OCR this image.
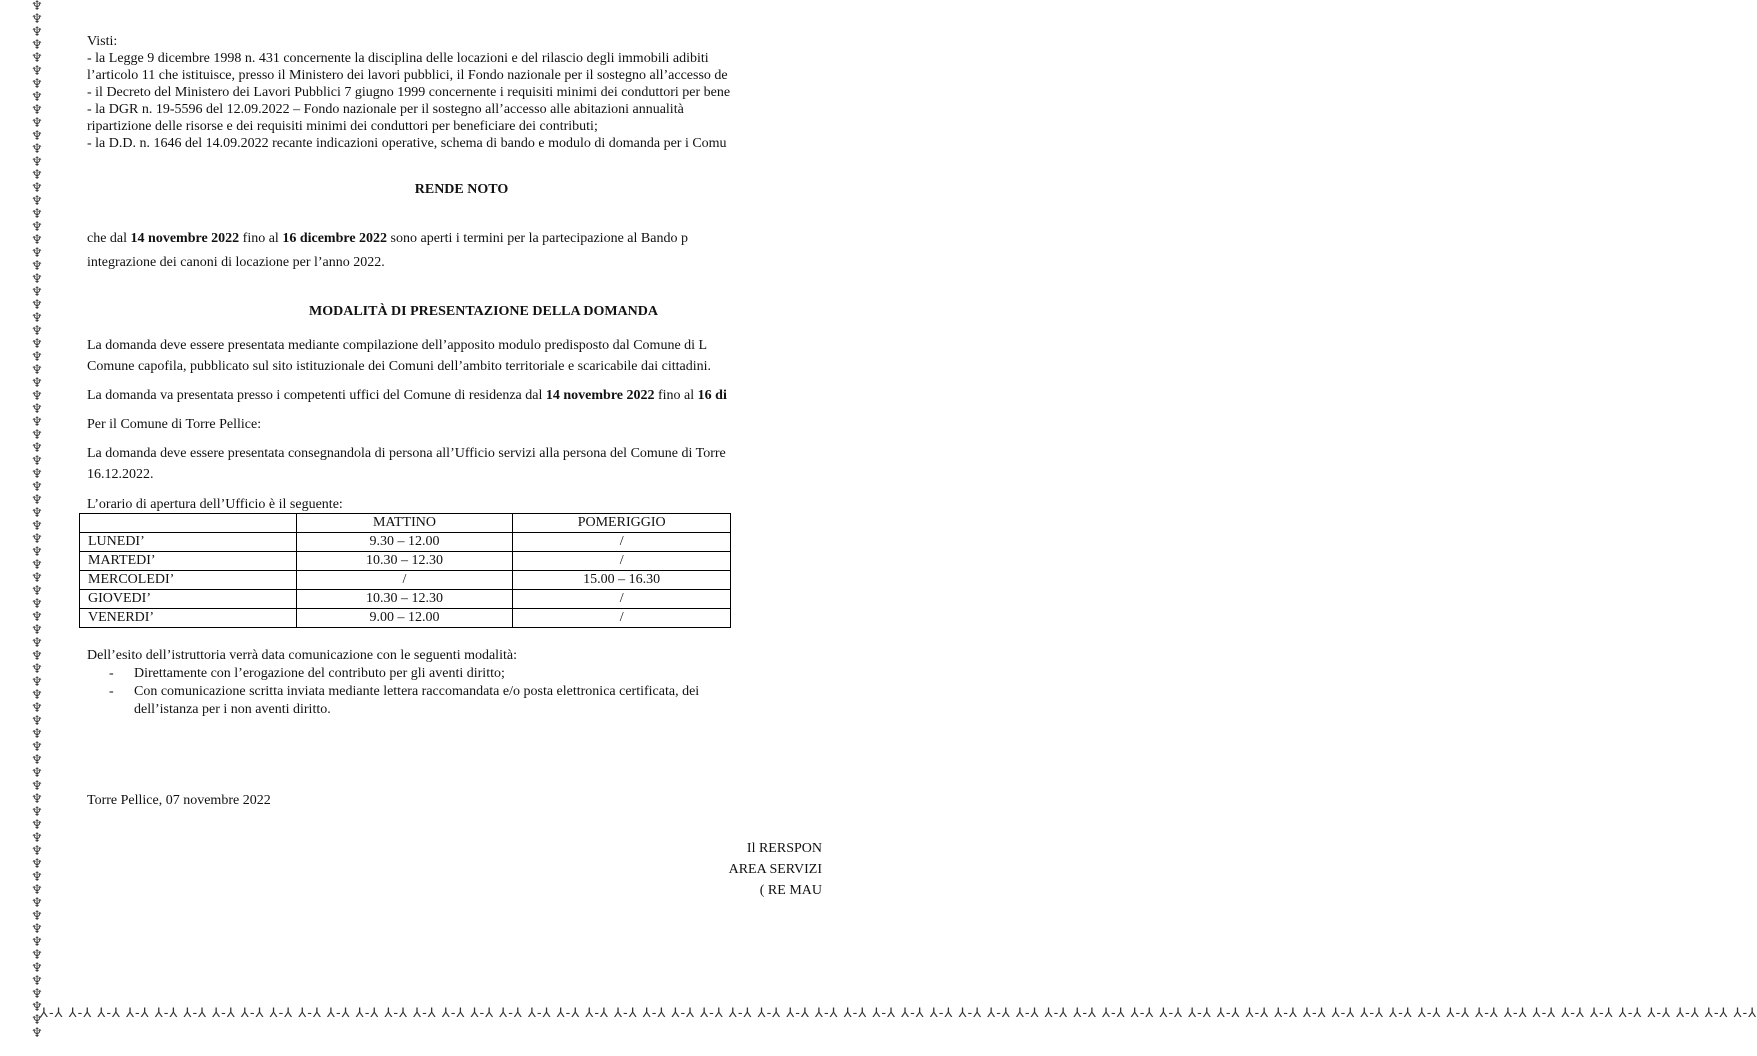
♆
♆
♆
♆
♆
♆
♆
♆
♆
♆
♆
♆
♆
♆
♆
♆
♆
♆
♆
♆
♆
♆
♆
♆
♆
♆
♆
♆
♆
♆
♆
♆
♆
♆
♆
♆
♆
♆
♆
♆
♆
♆
♆
♆
♆
♆
♆
♆
♆
♆
♆
♆
♆
♆
♆
♆
♆
♆
♆
♆
♆
♆
♆
♆
♆
♆
♆
♆
♆
♆
♆
♆
♆
♆
♆
♆
♆
♆
♆
♆
⅄-⅄ ⅄-⅄ ⅄-⅄ ⅄-⅄ ⅄-⅄ ⅄-⅄ ⅄-⅄ ⅄-⅄ ⅄-⅄ ⅄-⅄ ⅄-⅄ ⅄-⅄ ⅄-⅄ ⅄-⅄ ⅄-⅄ ⅄-⅄ ⅄-⅄ ⅄-⅄ ⅄-⅄ ⅄-⅄ ⅄-⅄ ⅄-⅄ ⅄-⅄ ⅄-⅄ ⅄-⅄ ⅄-⅄ ⅄-⅄ ⅄-⅄ ⅄-⅄ ⅄-⅄ ⅄-⅄ ⅄-⅄ ⅄-⅄ ⅄-⅄ ⅄-⅄ ⅄-⅄ ⅄-⅄ ⅄-⅄ ⅄-⅄ ⅄-⅄ ⅄-⅄ ⅄-⅄ ⅄-⅄ ⅄-⅄ ⅄-⅄ ⅄-⅄ ⅄-⅄ ⅄-⅄ ⅄-⅄ ⅄-⅄ ⅄-⅄ ⅄-⅄ ⅄-⅄ ⅄-⅄ ⅄-⅄ ⅄-⅄ ⅄-⅄ ⅄-⅄ ⅄-⅄ ⅄-⅄

Visti:

- la Legge 9 dicembre 1998 n. 431 concernente la disciplina delle locazioni e del rilascio degli immobili adibiti

l’articolo 11 che istituisce, presso il Ministero dei lavori pubblici, il Fondo nazionale per il sostegno all’accesso de

- il Decreto del Ministero dei Lavori Pubblici 7 giugno 1999 concernente i requisiti minimi dei conduttori per bene

- la DGR n. 19-5596 del 12.09.2022 – Fondo nazionale per il sostegno all’accesso alle abitazioni annualità

ripartizione delle risorse e dei requisiti minimi dei conduttori per beneficiare dei contributi;

- la D.D. n. 1646 del 14.09.2022 recante indicazioni operative, schema di bando e modulo di domanda per i Comu

RENDE NOTO

che dal 14 novembre 2022 fino al 16 dicembre 2022 sono aperti i termini per la partecipazione al Bando p

integrazione dei canoni di locazione per l’anno 2022.

MODALITÀ DI PRESENTAZIONE DELLA DOMANDA

La domanda deve essere presentata mediante compilazione dell’apposito modulo predisposto dal Comune di L

Comune capofila, pubblicato sul sito istituzionale dei Comuni dell’ambito territoriale e scaricabile dai cittadini.

La domanda va presentata presso i competenti uffici del Comune di residenza dal 14 novembre 2022 fino al 16 di

Per il Comune di Torre Pellice:

La domanda deve essere presentata consegnandola di persona all’Ufficio servizi alla persona del Comune di Torre

16.12.2022.

L’orario di apertura dell’Ufficio è il seguente:

	MATTINO	POMERIGGIO
LUNEDI’	9.30 – 12.00	/
MARTEDI’	10.30 – 12.30	/
MERCOLEDI’	/	15.00 – 16.30
GIOVEDI’	10.30 – 12.30	/
VENERDI’	9.00 – 12.00	/

Dell’esito dell’istruttoria verrà data comunicazione con le seguenti modalità:

- Direttamente con l’erogazione del contributo per gli aventi diritto;
- Con comunicazione scritta inviata mediante lettera raccomandata e/o posta elettronica certificata, dei
dell’istanza per i non aventi diritto.

Torre Pellice, 07 novembre 2022

Il RERSPON
AREA SERVIZI
( RE MAU
